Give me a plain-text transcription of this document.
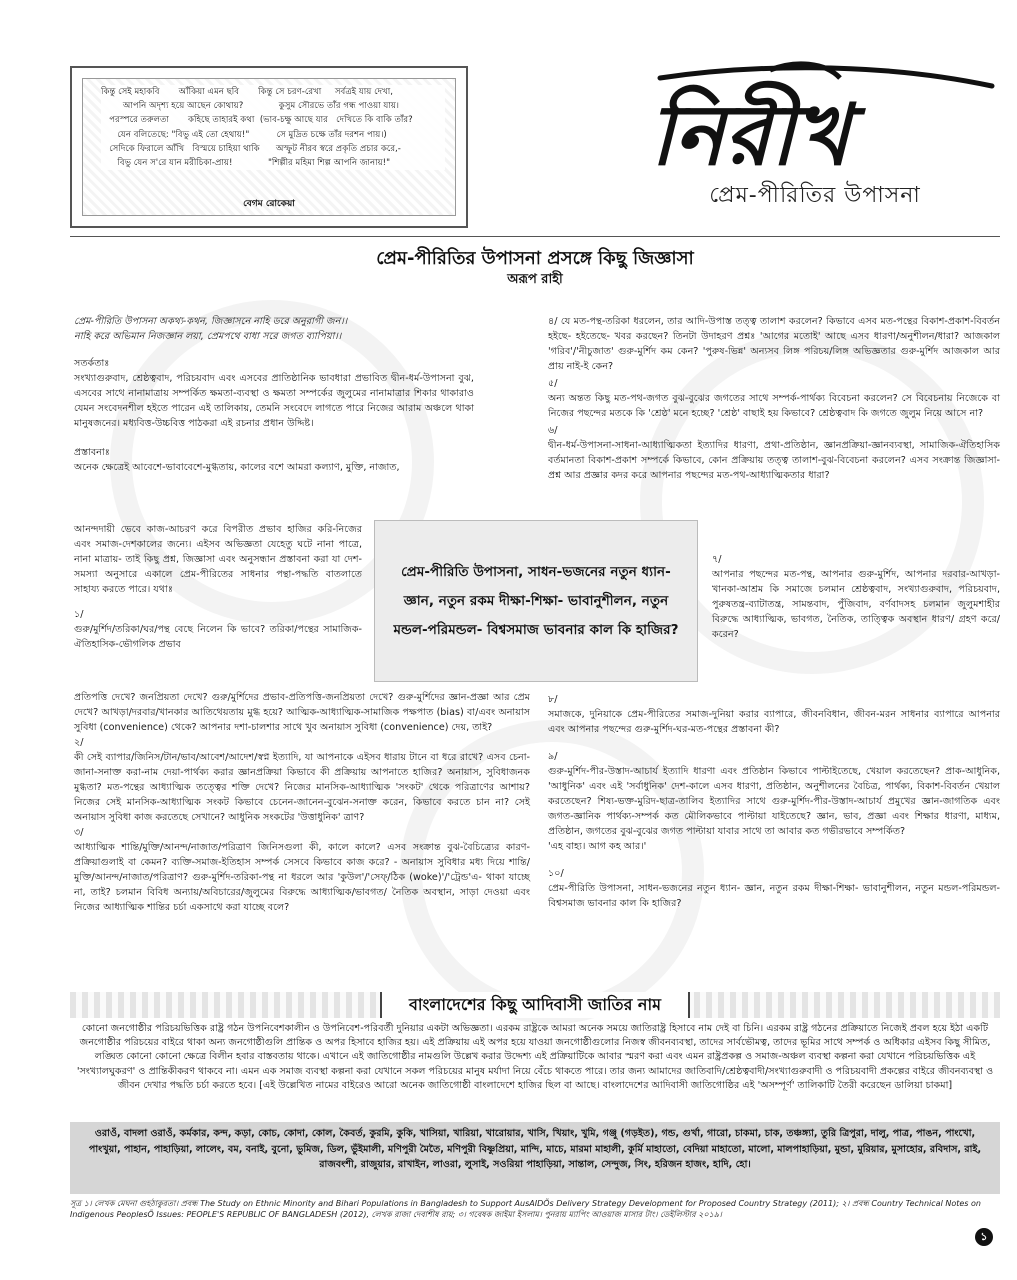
কিন্তু সেই মহাকবি       আঁকিয়া এমন ছবি       কিন্তু সে চরণ-রেখা     সর্বত্রই যায় দেখা,
আপনি অদৃশ্য হয়ে আছেন কোথায়?             কুসুম সৌরভে তাঁর গন্ধ পাওয়া যায়।
পরস্পরে তরুলতা       কহিছে তাহারই কথা  (ভাব-চক্ষু আছে যার   দেখিতে কি বাকি তাঁর?
যেন বলিতেছে: "বিভু এই তো হেথায়!"          সে মুদ্রিত চক্ষে তাঁর দরশন পায়।)
সেদিকে ফিরালে আঁখি   বিস্ময়ে চাহিয়া থাকি      অস্ফুট নীরব স্বরে প্রকৃতি প্রচার করে,-
বিভু যেন স'রে যান মরীচিকা-প্রায়!             "শিল্পীর মহিমা শিল্প আপনি জানায়!"
বেগম রোকেয়া
নিরীখ
প্রেম-পীরিতির উপাসনা
প্রেম-পীরিতির উপাসনা প্রসঙ্গে কিছু জিজ্ঞাসা
অরূপ রাহী

প্রেম-পীরিতি উপাসনা অকথ্য-কথন, জিজ্ঞাসনে নাহি ডরে অনুরাগী জন।।

নাহি করে অভিমান নিজজ্ঞান লয়া, প্রেমপথে বাধা সরে জগত ব্যাপিয়া।।

সতর্কতাঃ

সংখ্যাগুরুবাদ, শ্রেষ্ঠত্ববাদ, পরিচয়বাদ এবং এসবের প্রাতিষ্ঠানিক ভাবধারা প্রভাবিত দ্বীন-ধর্ম-উপাসনা বুঝ, এসবের সাথে নানামাত্রায় সম্পর্কিত ক্ষমতা-ব্যবস্থা ও ক্ষমতা সম্পর্কের জুলুমের নানামাত্রার শিকার থাকারাও যেমন সংবেদনশীল হইতে পারেন এই তালিকায়, তেমনি সংবেদে লাগতে পারে নিজের আরাম অঞ্চলে থাকা মানুষজনের। মধ্যবিত্ত-উচ্চবিত্ত পাঠকরা এই রচনার প্রধান উদ্দিষ্ট।

প্রস্তাবনাঃ

অনেক ক্ষেত্রেই আবেশে-ভাবাবেশে-মুগ্ধতায়, কালের বশে আমরা কল্যাণ, মুক্তি, নাজাত,

আনন্দদায়ী ভেবে কাজ-আচরণ করে বিপরীত প্রভাব হাজির করি-নিজের এবং সমাজ-দেশকালের জন্যে। এইসব অভিজ্ঞতা যেহেতু ঘটে নানা পাত্রে, নানা মাত্রায়- তাই কিছু প্রশ্ন, জিজ্ঞাসা এবং অনুসন্ধান প্রস্তাবনা করা যা দেশ-সমস্যা অনুসারে একালে প্রেম-পীরিতের সাধনার পন্থা-পদ্ধতি বাতলাতে সাহায্য করতে পারে। যথাঃ

১/

গুরু/মুর্শিদ/তরিকা/ঘর/পন্থ বেছে নিলেন কি ভাবে? তরিকা/পন্থের সামাজিক-ঐতিহাসিক-ভৌগলিক প্রভাব

প্রেম-পীরিতি উপাসনা, সাধন-ভজনের নতুন ধ্যান- জ্ঞান, নতুন রকম দীক্ষা-শিক্ষা- ভাবানুশীলন, নতুন মন্ডল-পরিমন্ডল- বিশ্বসমাজ ভাবনার কাল কি হাজির?

প্রতিপত্তি দেখে? জনপ্রিয়তা দেখে? গুরু/মুর্শিদের প্রভাব-প্রতিপত্তি-জনপ্রিয়তা দেখে? গুরু-মুর্শিদের জ্ঞান-প্রজ্ঞা আর প্রেম দেখে? আখড়া/দরবার/খানকার আতিথেয়তায় মুগ্ধ হয়ে? আত্মিক-আধ্যাত্মিক-সামাজিক পক্ষপাত (bias) বা/এবং অনায়াস সুবিধা (convenience) থেকে? আপনার দশা-চালশার সাথে খুব অনায়াস সুবিধা (convenience) দেয়, তাই?

২/

কী সেই ব্যাপার/জিনিস/টান/ভাব/আবেশ/আদেশ/স্বপ্ন ইত্যাদি, যা আপনাকে এইসব ধারায় টানে বা ধরে রাখে? এসব চেনা-জানা-সনাক্ত করা-নাম দেয়া-পার্থক্য করার জ্ঞানপ্রক্রিয়া কিভাবে কী প্রক্রিয়ায় আপনাতে হাজির? অনায়াস, সুবিধাজনক মুগ্ধতা? মত-পন্থের আধ্যাত্মিক তত্ত্বের শক্তি দেখে? নিজের মানসিক-আধ্যাত্মিক 'সংকট' থেকে পরিত্রাণের আশায়? নিজের সেই মানসিক-আধ্যাত্মিক সংকট কিভাবে চেনেন-জানেন-বুঝেন-সনাক্ত করেন, কিভাবে করতে চান না? সেই অনায়াস সুবিধা কাজ করতেছে সেখানে? আধুনিক সংকটের 'উত্তাধুনিক' ত্রাণ?

৩/

আধ্যাত্মিক শান্তি/মুক্তি/আনন্দ/নাজাত/পরিত্রাণ জিনিসগুলা কী, কালে কালে? এসব সংক্রান্ত বুঝ-বৈচিত্র্যের কারণ-প্রক্রিয়াগুলাই বা কেমন? ব্যক্তি-সমাজ-ইতিহাস সম্পর্ক সেসবে কিভাবে কাজ করে? - অনায়াস সুবিধার মধ্য দিয়ে শান্তি/মুক্তি/আনন্দ/নাজাত/পরিত্রাণ? গুরু-মুর্শিদ-তরিকা-পন্থ না ধরলে আর 'কুউল'/'সেফ্/ঠিক (woke)'/'ট্রেন্ড'এ- থাকা যাচ্ছে না, তাই? চলমান বিবিধ অন্যায়/অবিচারের/জুলুমের বিরুদ্ধে আধ্যাত্মিক/ভাবগত/ নৈতিক অবস্থান, সাড়া দেওয়া এবং নিজের আধ্যাত্মিক শান্তির চর্চা একসাথে করা যাচ্ছে বলে?

৪/ যে মত-পন্থ-তরিকা ধরলেন, তার আদি-উপাস্ত তত্ত্ব তালাশ করলেন? কিভাবে এসব মত-পন্থের বিকাশ-প্রকাশ-বিবর্তন হইছে- হইতেছে- খবর করছেন? তিনটা উদাহরণ প্রশ্নঃ 'আগের মতোই' আছে এসব ধারণা/অনুশীলন/ধারা? আজকাল 'গরিব'/'নীচুজাত' গুরু-মুর্শিদ কম কেন? 'পুরুষ-ভিন্ন' অন্যসব লিঙ্গ পরিচয়/লিঙ্গ অভিজ্ঞতার গুরু-মুর্শিদ আজকাল আর প্রায় নাই-ই কেন?

৫/

অন্য অন্তত কিছু মত-পথ-জগত বুঝ-বুঝের জগতের সাথে সম্পর্ক-পার্থক্য বিবেচনা করলেন? সে বিবেচনায় নিজেকে বা নিজের পছন্দের মতকে কি 'শ্রেষ্ঠ' মনে হচ্ছে? 'শ্রেষ্ঠ' বাছাই হয় কিভাবে? শ্রেষ্ঠত্ববাদ কি জগতে জুলুম নিয়ে আসে না?

৬/

দ্বীন-ধর্ম-উপাসনা-সাধনা-আধ্যাত্মিকতা ইত্যাদির ধারণা, প্রথা-প্রতিষ্ঠান, জ্ঞানপ্রক্রিয়া-জ্ঞানব্যবস্থা, সামাজিক-ঐতিহাসিক বর্তমানতা বিকাশ-প্রকাশ সম্পর্কে কিভাবে, কোন প্রক্রিয়ায় তত্ত্ব তালাশ-বুঝ-বিবেচনা করলেন? এসব সংক্রান্ত জিজ্ঞাসা-প্রশ্ন আর প্রজ্ঞার কদর করে আপনার পছন্দের মত-পথ-আধ্যাত্মিকতার ধারা?

৭/

আপনার পছন্দের মত-পন্থ, আপনার গুরু-মুর্শিদ, আপনার দরবার-আখড়া-খানকা-আশ্রম কি সমাজে চলমান শ্রেষ্ঠত্ববাদ, সংখ্যাগুরুবাদ, পরিচয়বাদ, পুরুষতন্ত্র-ব্যাটাতন্ত্র, সামন্তবাদ, পুঁজিবাদ, বর্ণবাদসহ চলমান জুলুমশাহীর বিরুদ্ধে আধ্যাত্মিক, ভাবগত, নৈতিক, তাত্ত্বিক অবস্থান ধারণ/ গ্রহণ করে/করেন?

৮/

সমাজকে, দুনিয়াকে প্রেম-পীরিতের সমাজ-দুনিয়া করার ব্যাপারে, জীবনবিধান, জীবন-মরন সাধনার ব্যাপারে আপনার এবং আপনার পছন্দের গুরু-মুর্শিদ-ঘর-মত-পন্থের প্রস্তাবনা কী?

৯/

গুরু-মুর্শিদ-পীর-উস্তাদ-আচার্য ইত্যাদি ধারণা এবং প্রতিষ্ঠান কিভাবে পাল্টাইতেছে, খেয়াল করতেছেন? প্রাক-আধুনিক, 'আধুনিক' এবং এই 'সর্বাধুনিক' দেশ-কালে এসব ধারণা, প্রতিষ্ঠান, অনুশীলনের বৈচিত্র, পার্থক্য, বিকাশ-বিবর্তন খেয়াল করতেছেন? শিষ্য-ভক্ত-মুরিদ-ছাত্র-তালিব ইত্যাদির সাথে গুরু-মুর্শিদ-পীর-উস্তাদ-আচার্য প্রমুখের জ্ঞান-জাগতিক এবং জগত-জ্ঞানিক পার্থক্য-সম্পর্ক কত মৌলিকভাবে পাল্টায়া যাইতেছে? জ্ঞান, ভাব, প্রজ্ঞা এবং শিক্ষার ধারণা, মাধ্যম, প্রতিষ্ঠান, জগতের বুঝ-বুঝের জগত পাল্টায়া যাবার সাথে তা আবার কত গভীরভাবে সম্পর্কিত?

'এহ বাহ্য। আগ কহ আর।'

১০/

প্রেম-পীরিতি উপাসনা, সাধন-ভজনের নতুন ধ্যান- জ্ঞান, নতুন রকম দীক্ষা-শিক্ষা- ভাবানুশীলন, নতুন মন্ডল-পরিমন্ডল- বিশ্বসমাজ ভাবনার কাল কি হাজির?

বাংলাদেশের কিছু আদিবাসী জাতির নাম
কোনো জনগোষ্ঠীর পরিচয়ভিত্তিক রাষ্ট্র গঠন উপনিবেশকালীন ও উপনিবেশ-পরিবর্তী দুনিয়ার একটা অভিজ্ঞতা। এরকম রাষ্ট্রকে আমরা অনেক সময়ে জাতিরাষ্ট্র হিসাবে নাম দেই বা চিনি। এরকম রাষ্ট্র গঠনের প্রক্রিয়াতে নিজেই প্রবল হয়ে ইঠা একটি জনগোষ্ঠীর পরিচয়ের বাইরে থাকা অন্য জনগোষ্ঠীগুলি প্রান্তিক ও অপর হিসাবে হাজির হয়। এই প্রক্রিয়ায় এই অপর হয়ে যাওয়া জনগোষ্ঠীগুলোর নিজস্ব জীবনব্যবস্থা, তাদের সার্বভৌমত্ব, তাদের ভূমির সাথে সম্পর্ক ও অধিকার এইসব কিছু সীমিত, লঙ্ঘিত কোনো কোনো ক্ষেত্রে বিলীন হবার বাস্তবতায় থাকে। এখানে এই জাতিগোষ্ঠীর নামগুলি উল্লেখ করার উদ্দেশ্য এই প্রক্রিয়াটিকে আবার স্মরণ করা এবং এমন রাষ্ট্রপ্রকল্প ও সমাজ-অঞ্চল ব্যবস্থা কল্পনা করা যেখানে পরিচয়ভিত্তিক এই 'সংখ্যালঘুকরণ' ও প্রান্তিকীকরণ থাকবে না। এমন এক সমাজ ব্যবস্থা কল্পনা করা যেখানে সকল পরিচয়ের মানুষ মর্যাদা নিয়ে বেঁচে থাকতে পারে। তার জন্য আমাদের জাতিবাদি/শ্রেষ্ঠত্ববাদী/সংখ্যাগুরুবাদী ও পরিচয়বাদী প্রকল্পের বাইরে জীবনব্যবস্থা ও জীবন দেখার পদ্ধতি চর্চা করতে হবে। [এই উল্লেখিত নামের বাইরেও আরো অনেক জাতিগোষ্ঠী বাংলাদেশে হাজির ছিল বা আছে। বাংলাদেশের আদিবাসী জাতিগোষ্ঠির এই 'অসম্পূর্ণ' তালিকাটি তৈরী করেছেন ডালিয়া চাকমা]
ওরাওঁ, বাদলা ওরাওঁ, কর্মকার, কন্দ, কড়া, কোচ, কোদা, কোল, কৈবর্ত, কুরমি, কুকি, খাসিয়া, খারিয়া, খারোয়ার, খাসি, খিয়াং, খুমি, গঞ্জু (গড়ইত), গন্ড, গুর্খা, গারো, চাকমা, চাক, তঞ্চঙ্গ্যা, তুরি ত্রিপুরা, দালু, পাত্র, পাঙন, পাংখো, পাংখুয়া, পাহান, পাহাড়িয়া, লালেং, বম, বনাই, বুনো, ভুমিজ, ডিল, ভুঁইমালী, মণিপুরী মৈতৈ, মণিপুরী বিষ্ণুপ্রিয়া, মান্দি, মাচে, মারমা মাহালী, কুর্মি মাহাতো, বেদিয়া মাহাতো, মালো, মালপাহাড়িয়া, মুন্ডা, মুরিয়ার, মুসাহোর, রবিদাস, রাই, রাজবংশী, রাজুয়ার, রাখাইন, লাওরা, লুসাই, সওরিয়া পাহাড়িয়া, সান্তাল, সেন্দুজ, সিং, হরিজন হাজং, হাদি, হো।
সূত্র ১। লেখক মেঘনা গুহঠাকুরতা। প্রবন্ধ The Study on Ethnic Minority and Bihari Populations in Bangladesh to Support AusAIDÕs Delivery Strategy Development for Proposed Country Strategy (2011); ২। প্রবন্ধ Country Technical Notes on Indigenous PeoplesÕ Issues: PEOPLE'S REPUBLIC OF BANGLADESH (2012), লেখক রাজা দেবাশীষ রায়; ৩। গবেষক জাইমা ইসলাম। পুনরায় ম্যাপিং আওয়াজ মাসার টাং। ডেইলিস্টার ২০১৯।
১
